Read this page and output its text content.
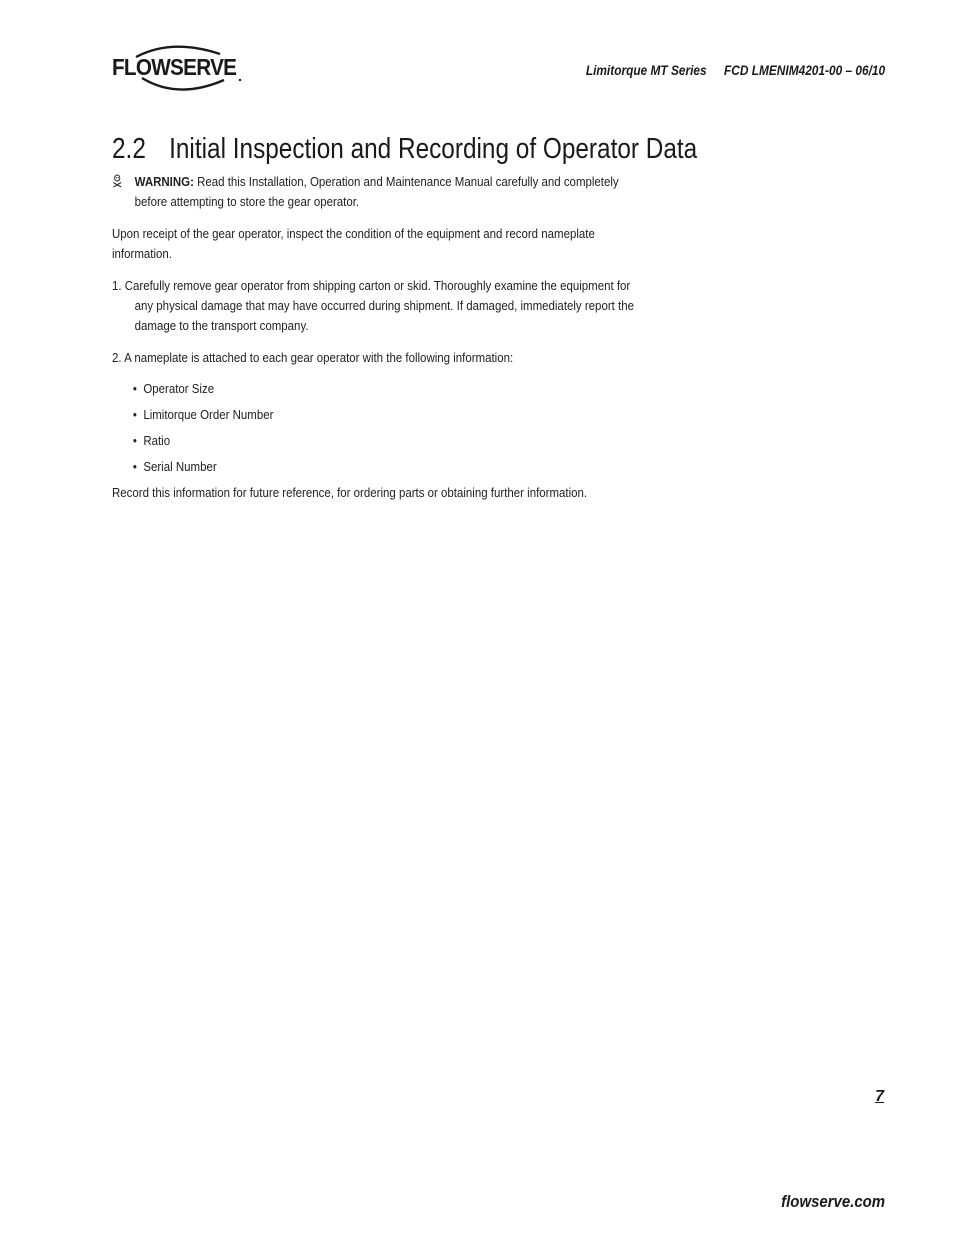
FLOWSERVE	Limitorque MT Series FCD LMENIM4201-00 – 06/10
2.2 Initial Inspection and Recording of Operator Data

WARNING: Read this Installation, Operation and Maintenance Manual carefully and completely before attempting to store the gear operator.

Upon receipt of the gear operator, inspect the condition of the equipment and record nameplate information.

1. Carefully remove gear operator from shipping carton or skid. Thoroughly examine the equipment for any physical damage that may have occurred during shipment. If damaged, immediately report the damage to the transport company.

2. A nameplate is attached to each gear operator with the following information:

• Operator Size
• Limitorque Order Number
• Ratio
• Serial Number

Record this information for future reference, for ordering parts or obtaining further information.

7
flowserve.com
